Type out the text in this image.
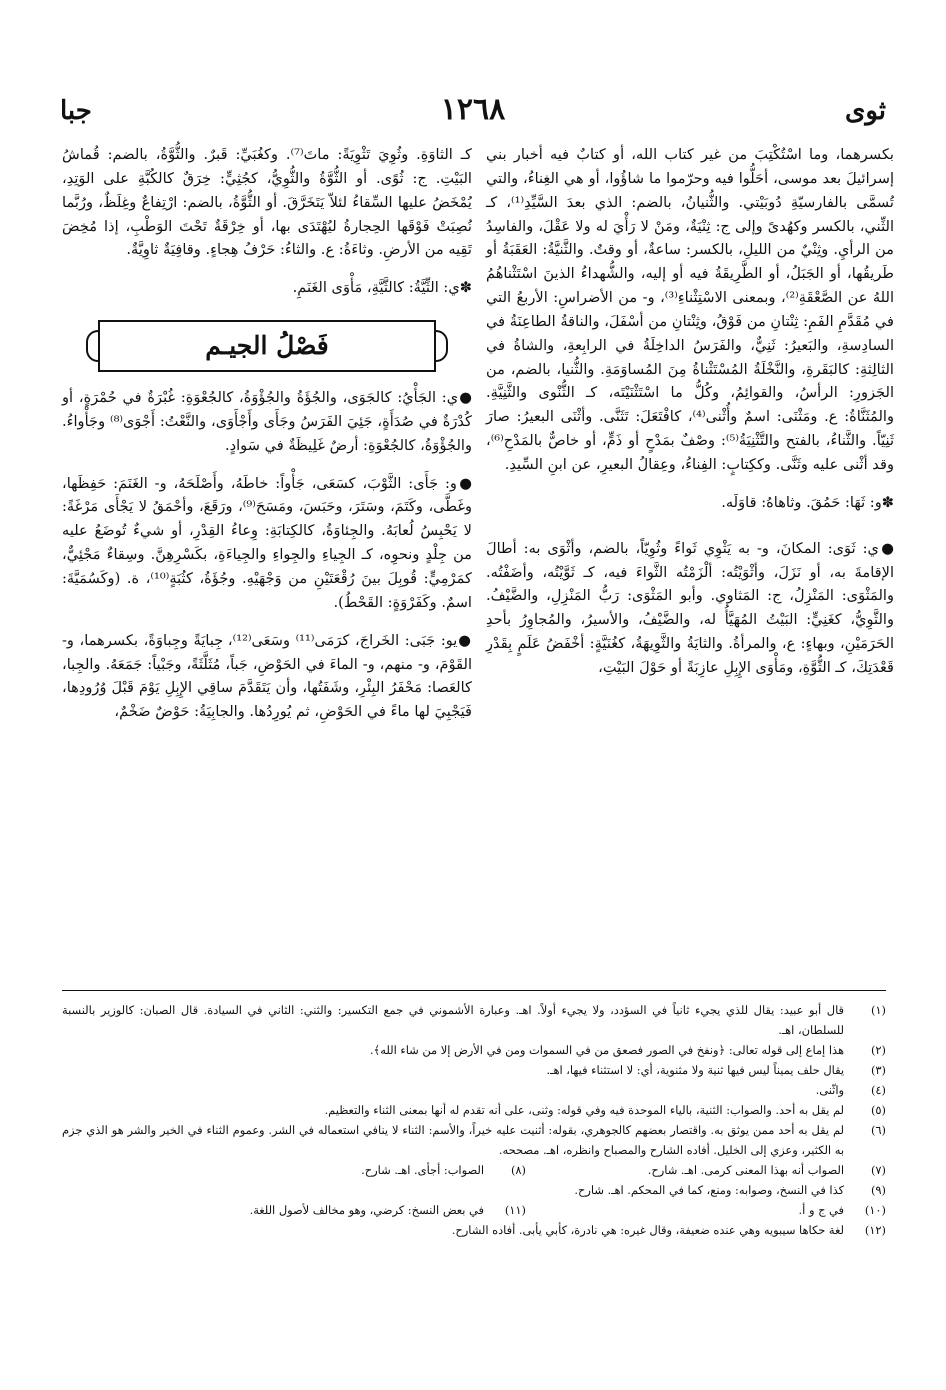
ثوى
١٢٦٨
جبا

بكسرهما، وما اسْتُكْتِبَ من غير كتاب الله، أو كتابٌ فيه أخبار بني إسرائيلَ بعد موسى، أحَلُّوا فيه وحرّموا ما شاؤُوا، أو هي الغِناءُ، والتي تُسمَّى بالفارسيّةِ دُوبَيْتي. والثُّنيانُ، بالضم: الذي بعدَ السَّيِّدِ⁽¹⁾، كـ الثِّني، بالكسر وكهُدىً وإلى ج: ثِنْيَةٌ، ومَنْ لا رَأْيَ له ولا عَقْلَ، والفاسِدُ من الرأيِ. وثِنْيٌ من الليلِ، بالكسر: ساعةٌ، أو وقتٌ. والثَّنيَّةُ: العَقَبَةُ أو طَريقُها، أو الجَبَلُ، أو الطَّرِيقَةُ فيه أو إليه، والشُّهداءُ الذينَ اسْتَثْناهُمُ اللهُ عن الصَّعْقَةِ⁽²⁾، وبمعنى الاسْتِثْناءِ⁽³⁾، و- من الأضراسِ: الأربعُ التي في مُقَدَّمِ الفَمِ: ثِنْتانِ من فَوْقُ، وثِنْتانِ من أسْفَلَ، والناقةُ الطاعِنَةُ في السادِسةِ، والبَعيرُ: ثَنِيٌّ، والفَرَسُ الداخِلَةُ في الرابِعةِ، والشاةُ في الثالِثةِ: كالبَقَرةِ، والنَّخْلَةُ المُسْتَثْناةُ مِنَ المُساوَمَةِ. والثُّنيا، بالضم، من الجَزورِ: الرأسُ، والقوائِمُ، وكُلُّ ما اسْتَثْنَيْتَه، كـ الثُّنْوى والثَّنِيَّةِ. والمُثَنَّاةُ: ع. ومَثْنَى: اسمٌ وأُثْنى⁽⁴⁾، كافْتَعَلَ: تَثَنَّى. وأثْنَى البعيرُ: صارَ ثَنِيّاً. والثَّناءُ، بالفتح والتَّثْنِيَةُ⁽⁵⁾: وصْفٌ بمَدْحٍ أو ذَمٍّ، أو خاصٌّ بالمَدْحِ⁽⁶⁾، وقد أثْنى عليه وثَنَّى. وككِتابٍ: الفِناءُ، وعِقالُ البعيرِ، عن ابنِ السِّيدِ.

✽و: ثَهَا: حَمُقَ. وثاهاهُ: قاوَلَه.

●ي: ثَوَى: المكانَ، و- به يَثْوِي ثَواءً وثُوِيّاً، بالضم، وأثْوَى به: أطالَ الإقامةَ به، أو نَزَلَ، وأثْوَيْتُه: ألْزَمْتُه الثَّواءَ فيه، كـ ثَوَّيْتُه، وأضَفْتُه. والمَثْوَى: المَنْزِلُ، ج: المَثاوي. وأبو المَثْوَى: رَبُّ المَنْزِلِ، والضَّيْفُ. والثَّوِيُّ، كغَنِيٍّ: البَيْتُ المُهَيَّأُ له، والضَّيْفُ، والأسيرُ، والمُجاوِرُ بأحدِ الحَرَمَيْنِ، وبهاءٍ: ع، والمرأةُ. والثايَةُ والثَّوِيهَةُ، كغُنَيَّةٍ: أخْفَضُ عَلَمٍ بِقَدْرِ قَعْدَتِكَ، كـ الثُّوَّةِ، ومَأْوَى الإِبِلِ عازِبَةً أو حَوْلَ البَيْتِ،

كـ الثاوَةِ. وثُوِيَ تَثْوِيَةً: ماتَ⁽⁷⁾. وكغُبَيِّ: قَبرٌ. والثُّوَّةُ، بالضم: قُماشُ البَيْتِ. ج: ثُوًى. أو الثُّوَّةُ والثُّوِيُّ، كجُثِيٍّ: خِرَقٌ كالكُبَّةِ على الوَتِدِ، يُمْخَضُ عليها السِّقاءُ لئلاّ يَتَخَرَّقَ. أو الثُّوَّةُ، بالضم: ارْتِفاعٌ وغِلَظٌ، ورُبَّما نُصِبَتْ فَوْقَها الحِجارةُ ليُهْتَدَى بها، أو خِرْقَةٌ تَحْتَ الوَطْبِ، إذا مُخِضَ تَقِيه من الأرضِ. وثاءَةُ: ع. والثاءُ: حَرْفُ هِجاءٍ. وقافِيَةٌ ثاوِيَّةٌ.

✽ي: الثِّيَّةُ: كالثَّيَّةِ، مَأْوَى الغَنَمِ.

فَصْلُ الجيـم

●ي: الجَأْيُ: كالجَوَى، والجُؤَةُ والجُؤْوَةُ، كالجُعْوَةِ: غُبْرَةٌ في حُمْرَةٍ، أو كُدْرَةٌ في صُدَأَةٍ، جَئِيَ الفَرَسُ وجَأَى وأَجْأَوَى، والنَّعْتُ: أَجْوَى⁽⁸⁾ وجَأْواءُ. والجُؤْوَةُ، كالجُعْوَةِ: أرضٌ غَلِيظَةٌ في سَوادٍ.

●و: جَأَى: الثَّوْبَ، كسَعَى، جَأْواً: خاطَهُ، وأَصْلَحَهُ، و- الغَنَمَ: حَفِظَها، وغَطَّى، وكَتَمَ، وسَتَرَ، وحَبَسَ، ومَسَحَ⁽⁹⁾، ورَقَعَ، وأحْمَقُ لا يَجْأَى مَرْغَةً: لا يَحْبِسُ لُعابَهُ. والجِئاوَةُ، كالكِتابَةِ: وِعاءُ القِدْرِ، أو شيءٌ تُوضَعُ عليه من جِلْدٍ ونحوِه، كـ الجِياءِ والجِواءِ والجِياءَةِ، بكَسْرِهِنَّ. وسِقاءٌ مَجْئِيٌّ، كمَرْمِيٍّ: قُوبِلَ بينَ رُقْعَتَيْنِ من وَجْهَيْهِ. وجُؤَةُ، كثُبَةٍ⁽¹⁰⁾، ة. (وكَسُمَيَّةَ: اسمٌ. وكَفَرْوَةٍ: القَحْطُ).

●يو: جَبَى: الخَراجَ، كرَمَى⁽¹¹⁾ وسَعَى⁽¹²⁾، جِبايَةً وجِباوَةً، بكسرهما، و- القَوْمَ، و- منهم، و- الماءَ في الحَوْضِ، جَباً، مُثَلَّثَةً، وجَبْياً: جَمَعَهُ. والجِبا، كالعَصا: مَحْفَرُ البِئْرِ، وشَفَتُها، وأن يَتَقَدَّمَ ساقِي الإِبِلِ يَوْمَ قَبْلَ وُرُودِها، فَيَجْبِيَ لها ماءً في الحَوْضِ، ثم يُورِدُها. والجابِيَةُ: حَوْضٌ ضَخْمٌ،

(١)
قال أبو عبيد: يقال للذي يجيء ثانياً في السؤدد، ولا يجيء أولاً. اهـ. وعبارة الأشموني في جمع التكسير: والثني: الثاني في السيادة. قال الصبان: كالوزير بالنسبة للسلطان، اهـ.
(٢)
هذا إماع إلى قوله تعالى: ﴿ونفخ في الصور فصعق من في السموات ومن في الأرض إلا من شاء الله﴾.
(٣)
يقال حلف يميناً ليس فيها ثنية ولا مثنوية، أي: لا استثناء فيها، اهـ.
(٤)
واثّنى.
(٥)
لم يقل به أحد. والصواب: الثنية، بالياء الموحدة فيه وفي قوله: وثنى، على أنه تقدم له أنها بمعنى الثناء والتعظيم.
(٦)
لم يقل به أحد ممن يوثق به. واقتصار بعضهم كالجوهري، بقوله: أثنيت عليه خيراً، والأسم: الثناء لا ينافي استعماله في الشر. وعموم الثناء في الخير والشر هو الذي جزم به الكثير، وعزي إلى الخليل. أفاده الشارح والمصباح وانظره، اهـ. مصححه.
(٧)
الصواب أنه بهذا المعنى كرمى. اهـ. شارح.
(٨)
الصواب: أجأى. اهـ. شارح.
(٩)
كذا في النسخ، وصوابه: ومنع، كما في المحكم. اهـ. شارح.
(١٠)
في ج و أ.
(١١)
في بعض النسخ: كرضي، وهو مخالف لأصول اللغة.
(١٢)
لغة حكاها سيبويه وهي عنده ضعيفة، وقال غيره: هي نادرة، كأبي يأبى. أفاده الشارح.
